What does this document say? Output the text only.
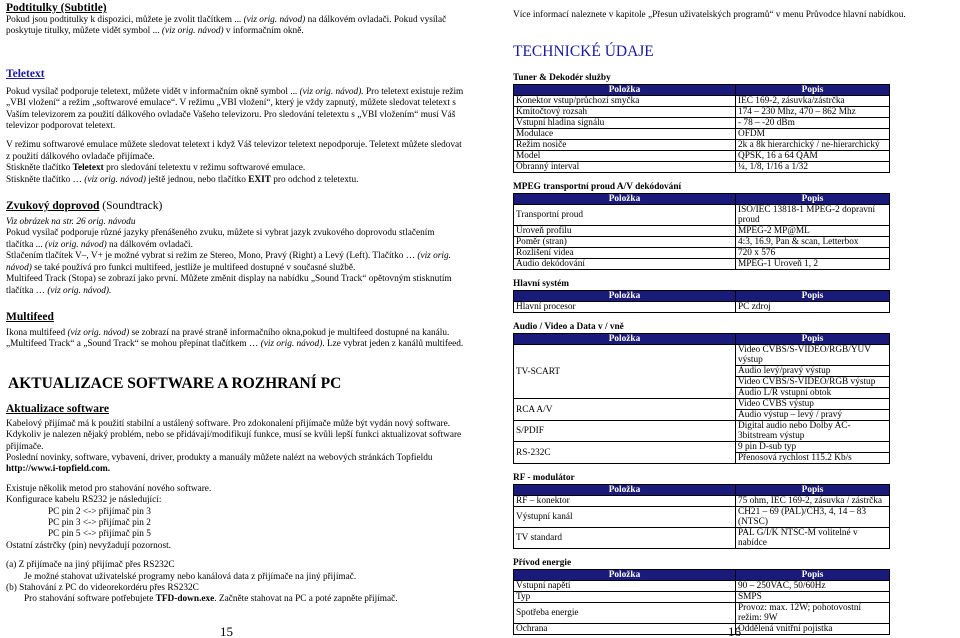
Podtitulky (Subtitle)

Pokud jsou podtitulky k dispozici, můžete je zvolit tlačítkem ... (viz orig. návod) na dálkovém ovladači. Pokud vysílač poskytuje titulky, můžete vidět symbol ... (viz orig. návod) v informačním okně.

Teletext

Pokud vysílač podporuje teletext, můžete vidět v informačním okně symbol ... (viz orig. návod). Pro teletext existuje režim „VBI vložení“ a režim „softwarové emulace“. V režimu „VBI vložení“, který je vždy zapnutý, můžete sledovat teletext s Vaším televizorem za použití dálkového ovladače Vašeho televizoru. Pro sledování teletextu s „VBI vložením“ musí Váš televizor podporovat teletext.

V režimu softwarové emulace můžete sledovat teletext i když Váš televizor teletext nepodporuje. Teletext můžete sledovat z použití dálkového ovladače přijímače.

Stiskněte tlačítko Teletext pro sledování teletextu v režimu softwarové emulace.

Stiskněte tlačítko … (viz orig. návod) ještě jednou, nebo tlačítko EXIT pro odchod z teletextu.

Zvukový doprovod (Soundtrack)

Viz obrázek na str. 26 orig. návodu

Pokud vysílač podporuje různé jazyky přenášeného zvuku, můžete si vybrat jazyk zvukového doprovodu stlačením tlačítka ... (viz orig. návod) na dálkovém ovladači.

Stlačením tlačítek V–, V+ je možné vybrat si režim ze Stereo, Mono, Pravý (Right) a Levý (Left). Tlačítko … (viz orig. návod) se také používá pro funkci multifeed, jestliže je multifeed dostupné v současné službě.

Multifeed Track (Stopa) se zobrazí jako první. Můžete změnit display na nabídku „Sound Track“ opětovným stisknutím tlačítka … (viz orig. návod).

Multifeed

Ikona multifeed (viz orig. návod) se zobrazí na pravé straně informačního okna,pokud je multifeed dostupné na kanálu. „Multifeed Track“ a „Sound Track“ se mohou přepínat tlačítkem … (viz orig. návod). Lze vybrat jeden z kanálů multifeed.

AKTUALIZACE SOFTWARE A ROZHRANÍ PC
Aktualizace software

Kabelový přijímač má k použití stabilní a ustálený software. Pro zdokonalení přijímače může být vydán nový software. Kdykoliv je nalezen nějaký problém, nebo se přidávají/modifikují funkce, musí se kvůli lepší funkci aktualizovat software přijímače.

Poslední novinky, software, vybavení, driver, produkty a manuály můžete nalézt na webových stránkách Topfieldu http://www.i-topfield.com.

Existuje několik metod pro stahování nového software.

Konfigurace kabelu RS232 je následující:

PC pin 2 <-> přijímač pin 3

PC pin 3 <-> přijímač pin 2

PC pin 5 <-> přijímač pin 5

Ostatní zástrčky (pin) nevyžadují pozornost.

(a) Z přijímače na jiný přijímač přes RS232C

Je možné stahovat uživatelské programy nebo kanálová data z přijímače na jiný přijímač.

(b) Stahování z PC do videorekordéru přes RS232C

Pro stahování software potřebujete TFD-down.exe. Začněte stahovat na PC a poté zapněte přijímač.

15

Více informací naleznete v kapitole „Přesun uživatelských programů“ v menu Průvodce hlavní nabídkou.

TECHNICKÉ ÚDAJE
Tuner & Dekodér služby
Položka	Popis
Konektor vstup/průchozí smyčka	IEC 169-2, zásuvka/zástrčka
Kmitočtový rozsah	174 – 230 Mhz, 470 – 862 Mhz
Vstupní hladina signálu	- 78 – -20 dBm
Modulace	OFDM
Režim nosiče	2k a 8k hierarchický / ne-hierarchický
Model	QPSK, 16 a 64 QAM
Obranný interval	¼, 1/8, 1/16 a 1/32
MPEG transportní proud A/V dekódování
Položka	Popis
Transportní proud	ISO/IEC 13818-1 MPEG-2 dopravní proud
Úroveň profilu	MPEG-2 MP@ML
Poměr (stran)	4:3, 16.9, Pan & scan, Letterbox
Rozlišení videa	720 x 576
Audio dekódování	MPEG-1 Úroveň 1, 2
Hlavní systém
Položka	Popis
Hlavní procesor	PC zdroj
Audio / Video a Data v / vně
Položka	Popis
TV-SCART	Video CVBS/S-VIDEO/RGB/YUV výstup
	Audio levý/pravý výstup
	Video CVBS/S-VIDEO/RGB výstup
	Audio L/R vstupní obtok
RCA A/V	Video CVBS výstup
	Audio výstup – levý / pravý
S/PDIF	Digital audio nebo Dolby AC-3bitstream výstup
RS-232C	9 pin D-sub typ
	Přenosová rychlost 115.2 Kb/s
RF - modulátor
Položka	Popis
RF – konektor	75 ohm, IEC 169-2, zásuvka / zástrčka
Výstupní kanál	CH21 – 69 (PAL)/CH3, 4, 14 – 83 (NTSC)
TV standard	PAL G/I/K NTSC-M volitelné v nabídce
Přívod energie
Položka	Popis
Vstupní napětí	90 – 250VAC, 50/60Hz
Typ	SMPS
Spotřeba energie	Provoz: max. 12W; pohotovostní režim: 9W
Ochrana	Oddělená vnitřní pojistka
16
